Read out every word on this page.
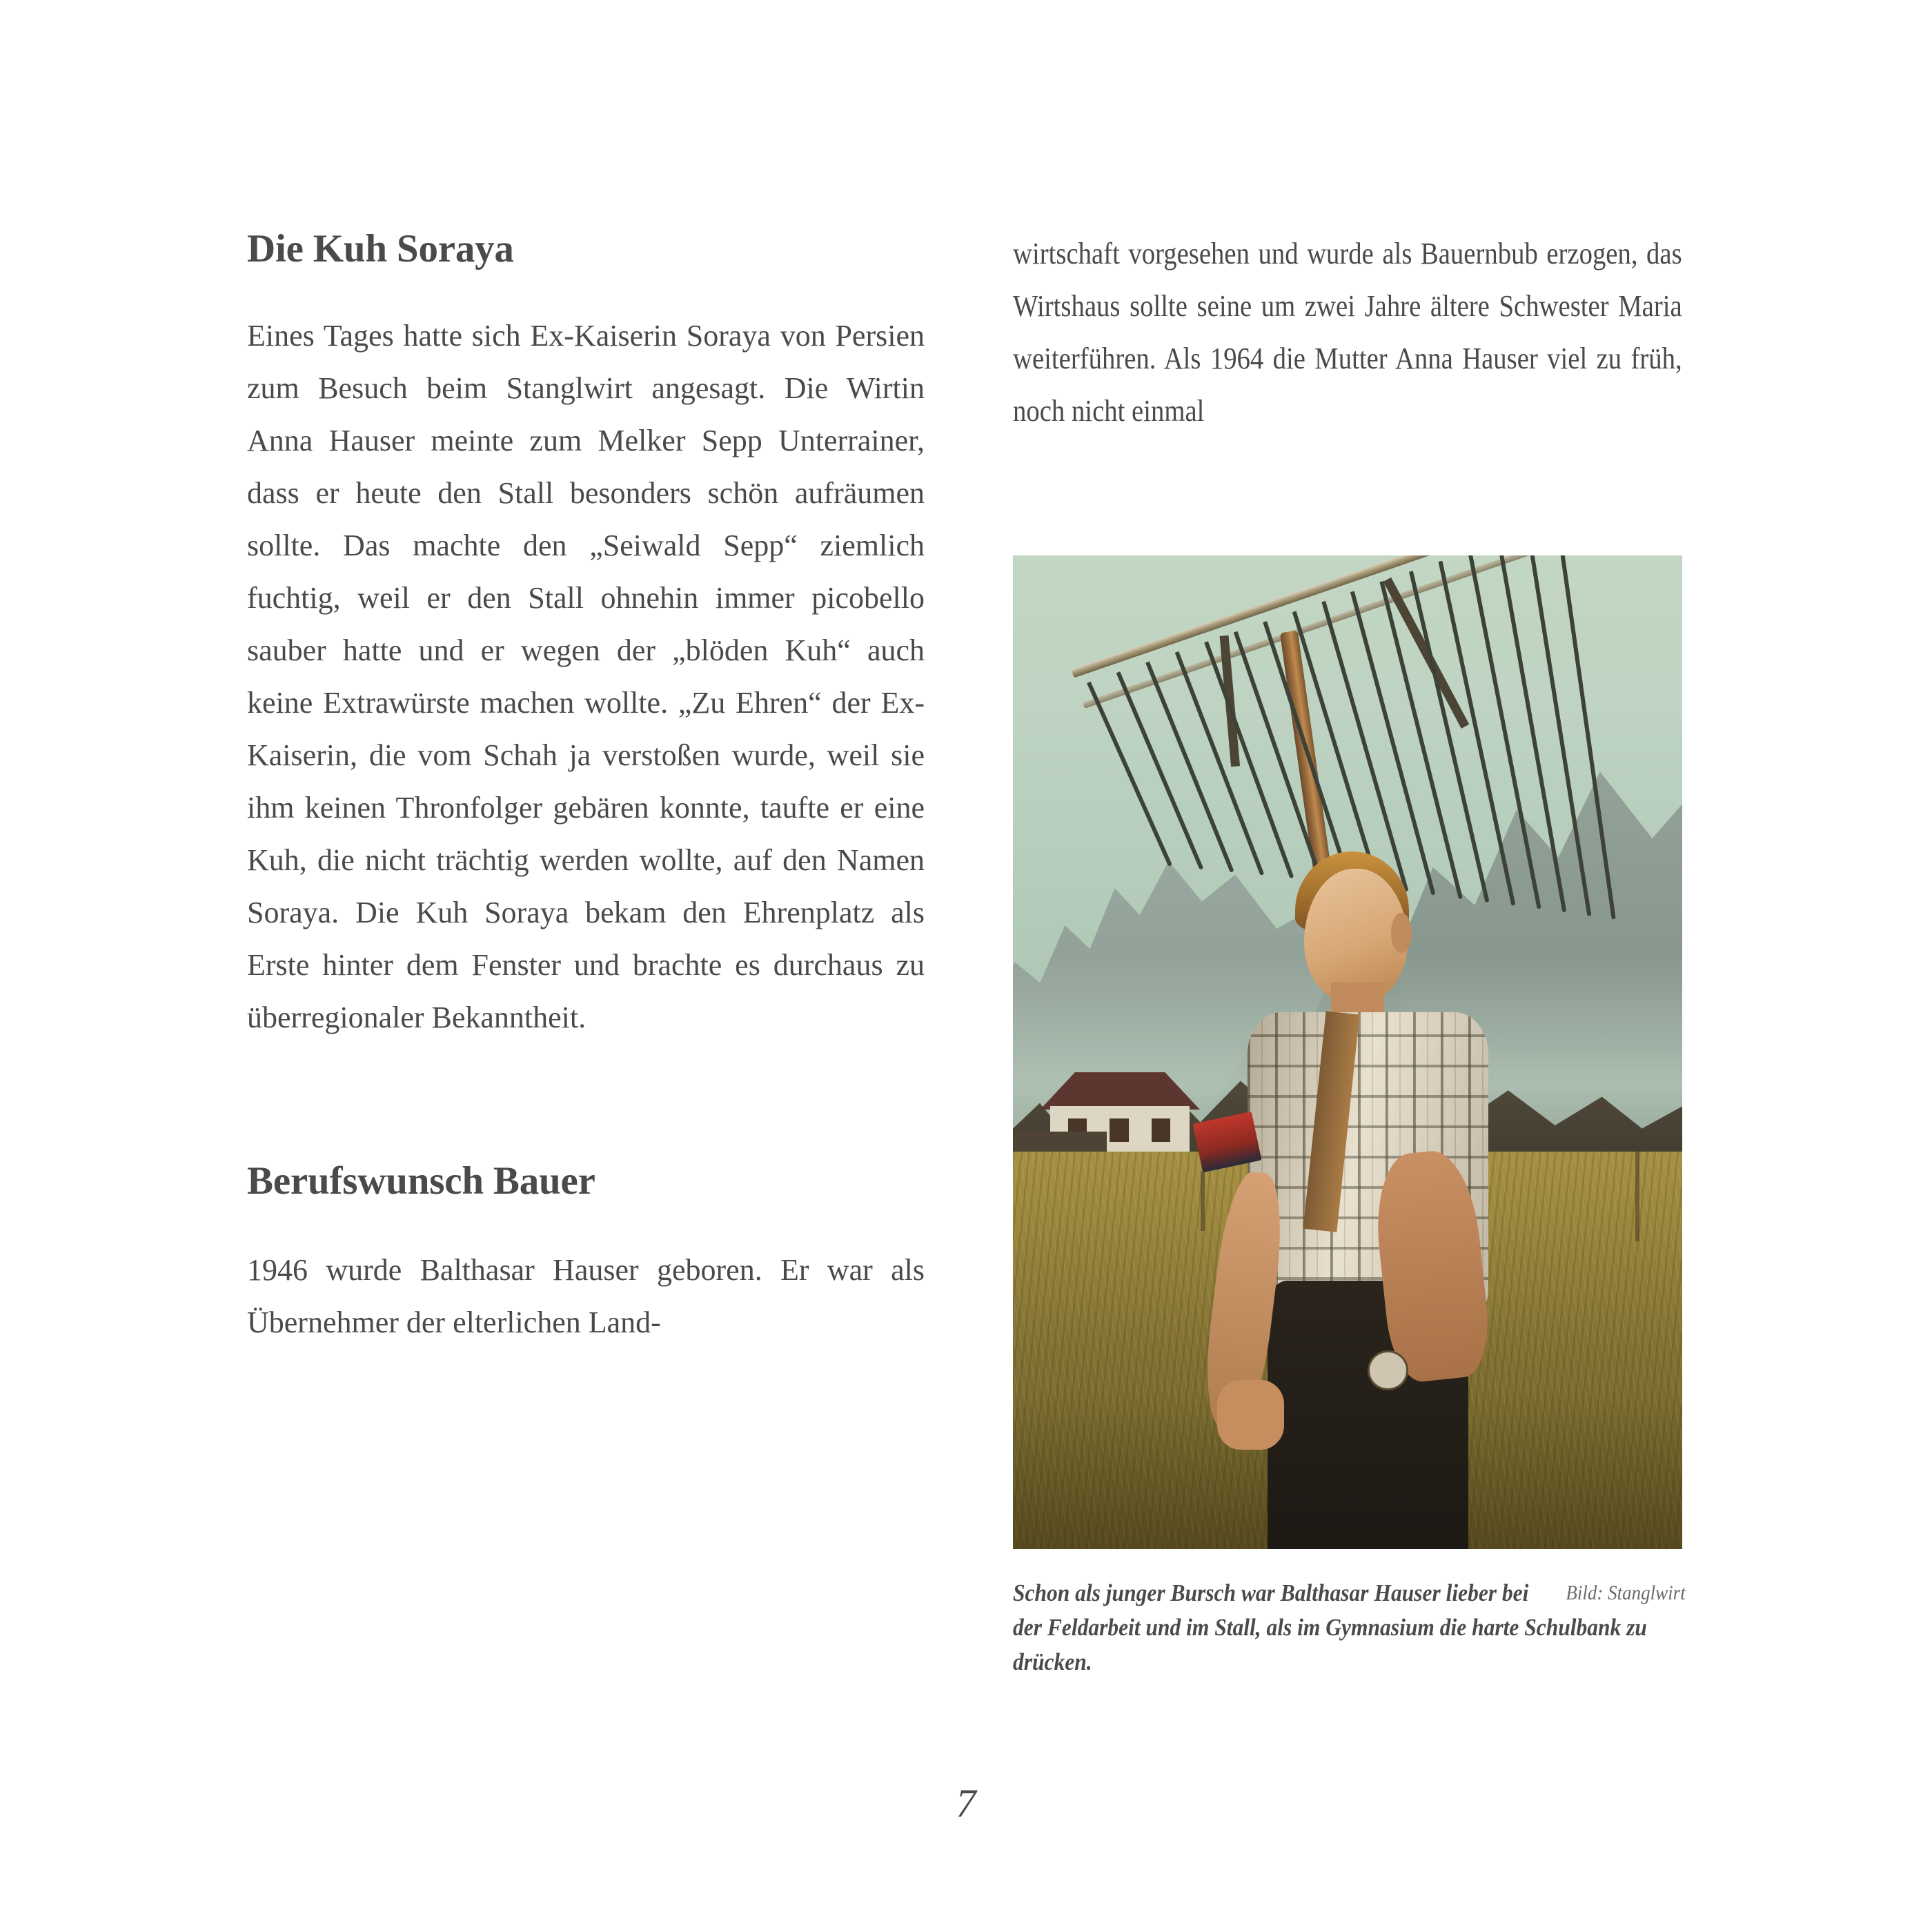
Die Kuh Soraya

Eines Tages hatte sich Ex-Kaiserin Soraya von Persien zum Besuch beim Stanglwirt angesagt. Die Wirtin Anna Hauser meinte zum Melker Sepp Unterrainer, dass er heute den Stall besonders schön aufräumen sollte. Das machte den „Seiwald Sepp“ ziemlich fuchtig, weil er den Stall ohnehin immer picobello sauber hatte und er wegen der „blöden Kuh“ auch keine Extrawürste machen wollte. „Zu Ehren“ der Ex-Kaiserin, die vom Schah ja verstoßen wurde, weil sie ihm keinen Thronfolger gebären konnte, taufte er eine Kuh, die nicht trächtig werden wollte, auf den Namen Soraya. Die Kuh Soraya bekam den Ehrenplatz als Erste hinter dem Fenster und brachte es durchaus zu überregionaler Bekanntheit.

Berufswunsch Bauer

1946 wurde Balthasar Hauser geboren. Er war als Übernehmer der elterlichen Land-

wirtschaft vorgesehen und wurde als Bauernbub erzogen, das Wirtshaus sollte seine um zwei Jahre ältere Schwester Maria weiterführen. Als 1964 die Mutter Anna Hauser viel zu früh, noch nicht einmal

Bild: Stanglwirt
Schon als junger Bursch war Balthasar Hauser lieber bei der Feldarbeit und im Stall, als im Gymnasium die harte Schulbank zu drücken.
7
